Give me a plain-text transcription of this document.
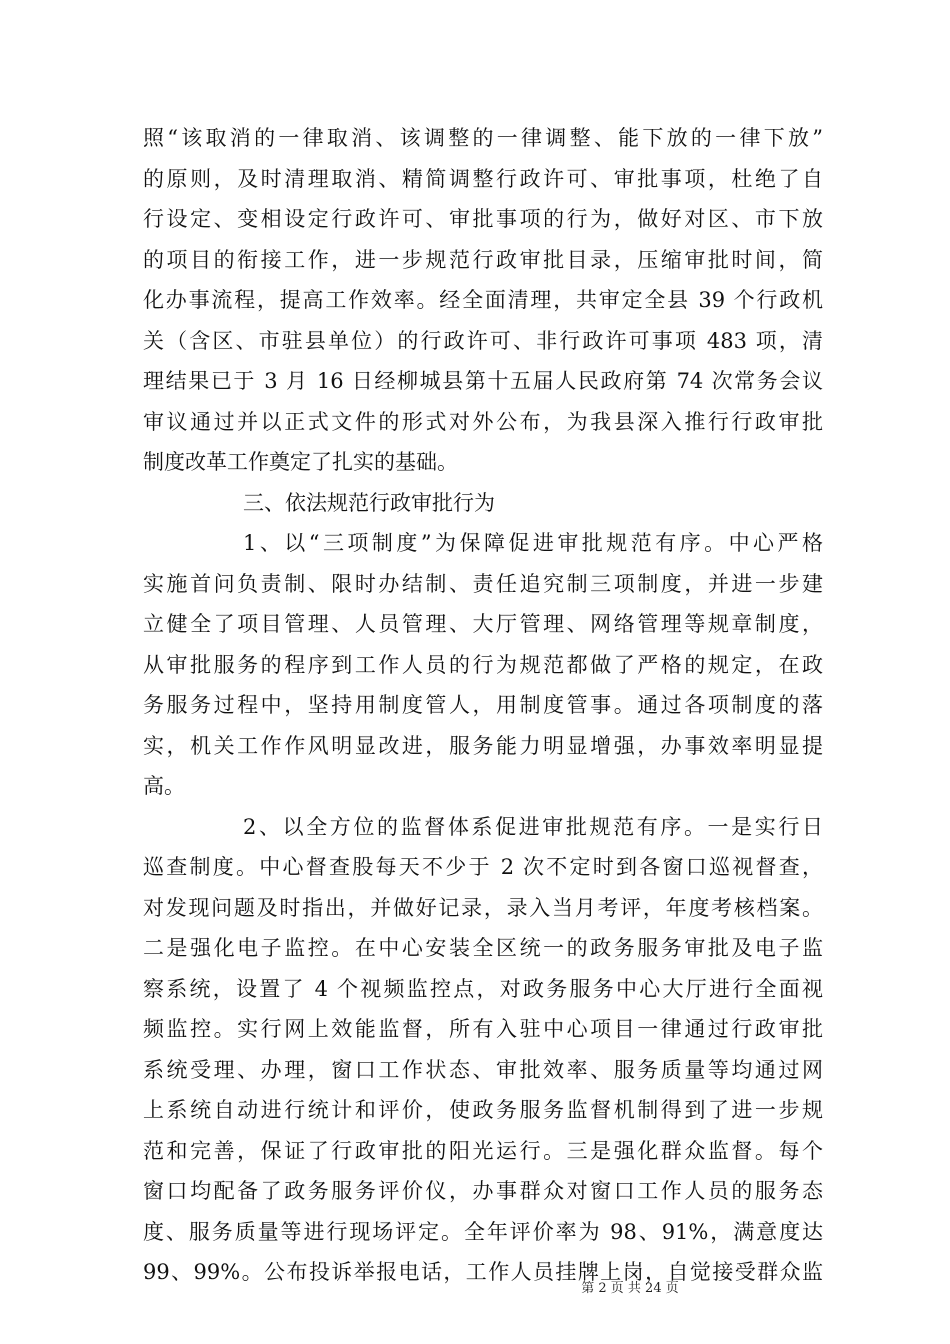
照“该取消的一律取消、该调整的一律调整、能下放的一律下放”
的原则，及时清理取消、精简调整行政许可、审批事项，杜绝了自
行设定、变相设定行政许可、审批事项的行为，做好对区、市下放
的项目的衔接工作，进一步规范行政审批目录，压缩审批时间，简
化办事流程，提高工作效率。经全面清理，共审定全县 39 个行政机
关（含区、市驻县单位）的行政许可、非行政许可事项 483 项，清
理结果已于 3 月 16 日经柳城县第十五届人民政府第 74 次常务会议
审议通过并以正式文件的形式对外公布，为我县深入推行行政审批
制度改革工作奠定了扎实的基础。
三、依法规范行政审批行为
1、以“三项制度”为保障促进审批规范有序。中心严格
实施首问负责制、限时办结制、责任追究制三项制度，并进一步建
立健全了项目管理、人员管理、大厅管理、网络管理等规章制度，
从审批服务的程序到工作人员的行为规范都做了严格的规定，在政
务服务过程中，坚持用制度管人，用制度管事。通过各项制度的落
实，机关工作作风明显改进，服务能力明显增强，办事效率明显提
高。
2、以全方位的监督体系促进审批规范有序。一是实行日
巡查制度。中心督查股每天不少于 2 次不定时到各窗口巡视督查，
对发现问题及时指出，并做好记录，录入当月考评，年度考核档案。
二是强化电子监控。在中心安装全区统一的政务服务审批及电子监
察系统，设置了 4 个视频监控点，对政务服务中心大厅进行全面视
频监控。实行网上效能监督，所有入驻中心项目一律通过行政审批
系统受理、办理，窗口工作状态、审批效率、服务质量等均通过网
上系统自动进行统计和评价，使政务服务监督机制得到了进一步规
范和完善，保证了行政审批的阳光运行。三是强化群众监督。每个
窗口均配备了政务服务评价仪，办事群众对窗口工作人员的服务态
度、服务质量等进行现场评定。全年评价率为 98、91%，满意度达
99、99%。公布投诉举报电话，工作人员挂牌上岗，自觉接受群众监
第 2 页 共 24 页
